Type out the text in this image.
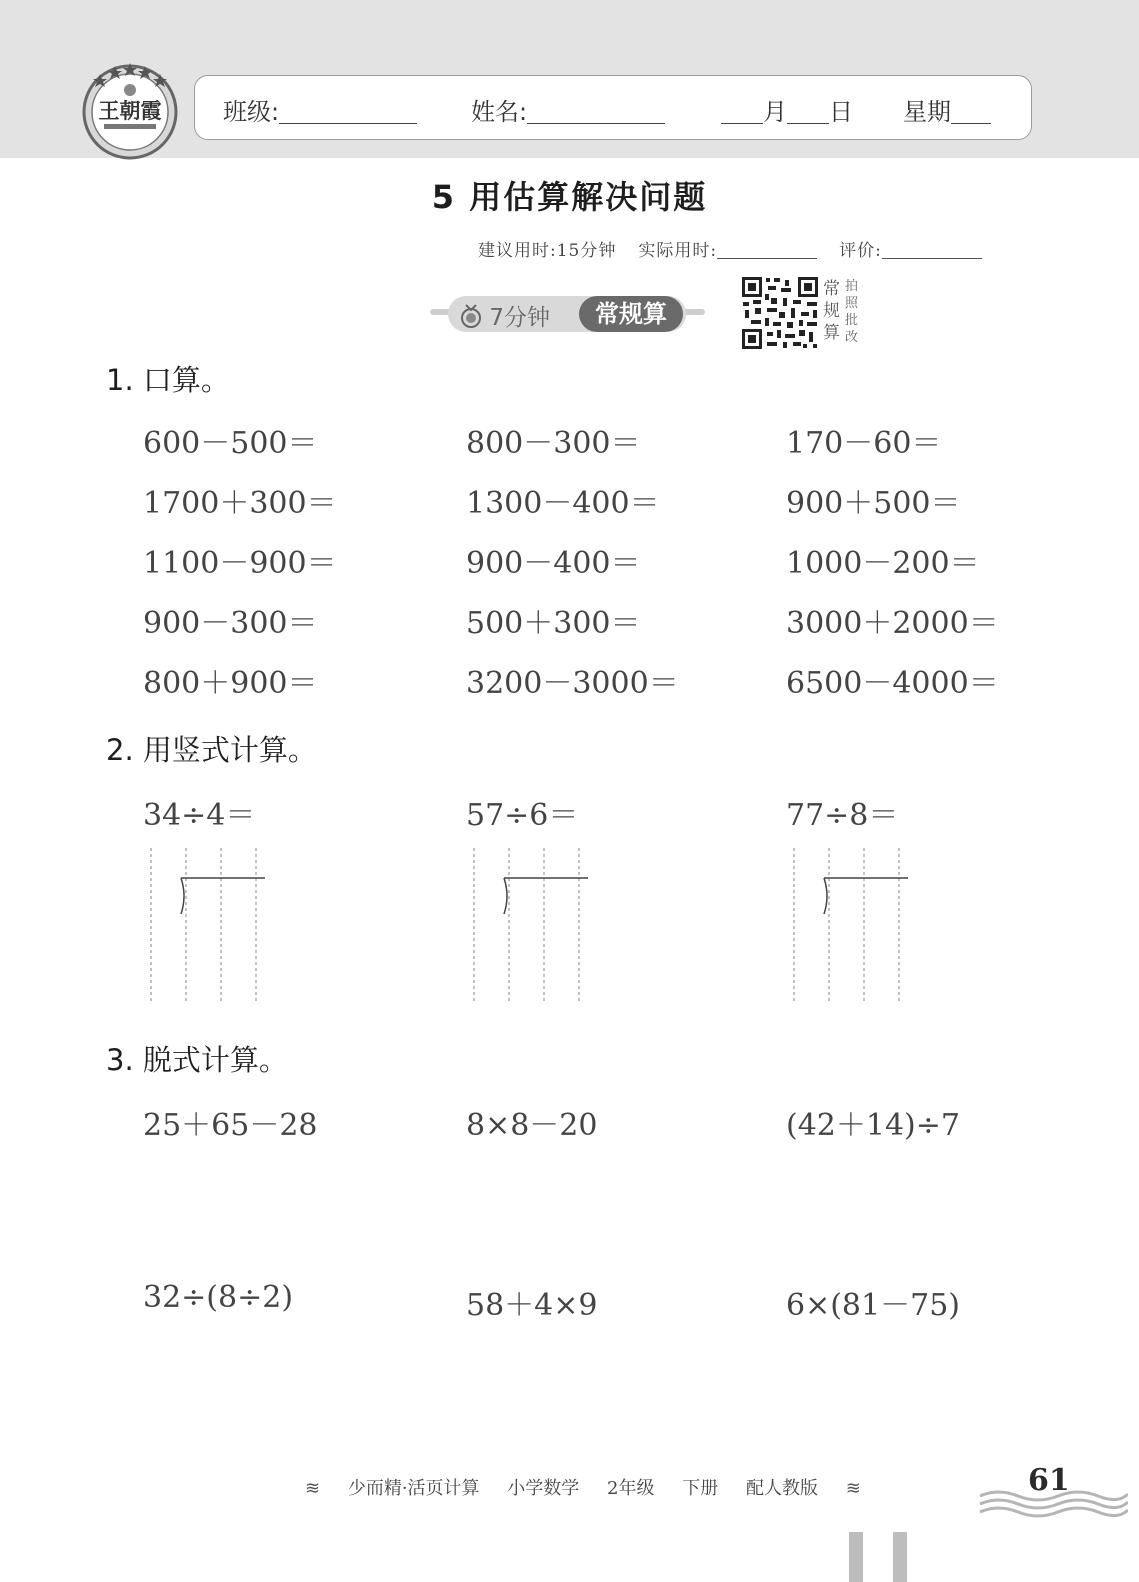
王朝霞	班级:	姓名:	月 日 星期
5 用估算解决问题
建议用时:15分钟 实际用时:	评价:
7分钟	常规算
常
规
算
拍
照
批
改
1. 口算。
600－500＝	800－300＝	170－60＝
1700＋300＝	1300－400＝	900＋500＝
1100－900＝	900－400＝	1000－200＝
900－300＝	500＋300＝	3000＋2000＝
800＋900＝	3200－3000＝	6500－4000＝
2. 用竖式计算。
34÷4＝	57÷6＝	77÷8＝
3. 脱式计算。
25＋65－28	8×8－20	(42＋14)÷7
32÷(8÷2)	58＋4×9	6×(81－75)
≋ 少而精·活页计算 小学数学 2年级 下册 配人教版 ≋	61
